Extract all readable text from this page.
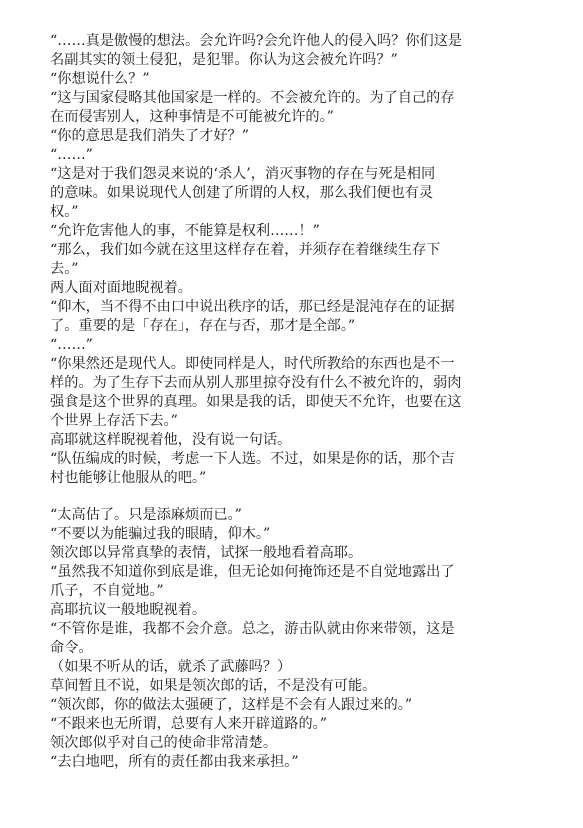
“……真是傲慢的想法。会允许吗?会允许他人的侵入吗？你们这是
名副其实的领土侵犯，是犯罪。你认为这会被允许吗？”
“你想说什么？”
“这与国家侵略其他国家是一样的。不会被允许的。为了自己的存
在而侵害别人，这种事情是不可能被允许的。”
“你的意思是我们消失了才好？”
“……”
“这是对于我们怨灵来说的‘杀人’，消灭事物的存在与死是相同
的意味。如果说现代人创建了所谓的人权，那么我们便也有灵
权。”
“允许危害他人的事，不能算是权利……！”
“那么，我们如今就在这里这样存在着，并须存在着继续生存下
去。”
两人面对面地睨视着。
“仰木，当不得不由口中说出秩序的话，那已经是混沌存在的证据
了。重要的是「存在」，存在与否，那才是全部。”
“……”
“你果然还是现代人。即使同样是人，时代所教给的东西也是不一
样的。为了生存下去而从别人那里掠夺没有什么不被允许的，弱肉
强食是这个世界的真理。如果是我的话，即使天不允许，也要在这
个世界上存活下去。”
高耶就这样睨视着他，没有说一句话。
“队伍编成的时候，考虑一下人选。不过，如果是你的话，那个吉
村也能够让他服从的吧。”
“太高估了。只是添麻烦而已。”
“不要以为能骗过我的眼睛，仰木。”
领次郎以异常真挚的表情，试探一般地看着高耶。
“虽然我不知道你到底是谁，但无论如何掩饰还是不自觉地露出了
爪子，不自觉地。”
高耶抗议一般地睨视着。
“不管你是谁，我都不会介意。总之，游击队就由你来带领，这是
命令。
（如果不听从的话，就杀了武藤吗？）
草间暂且不说，如果是领次郎的话，不是没有可能。
“领次郎，你的做法太强硬了，这样是不会有人跟过来的。”
“不跟来也无所谓，总要有人来开辟道路的。”
领次郎似乎对自己的使命非常清楚。
“去白地吧，所有的责任都由我来承担。”
